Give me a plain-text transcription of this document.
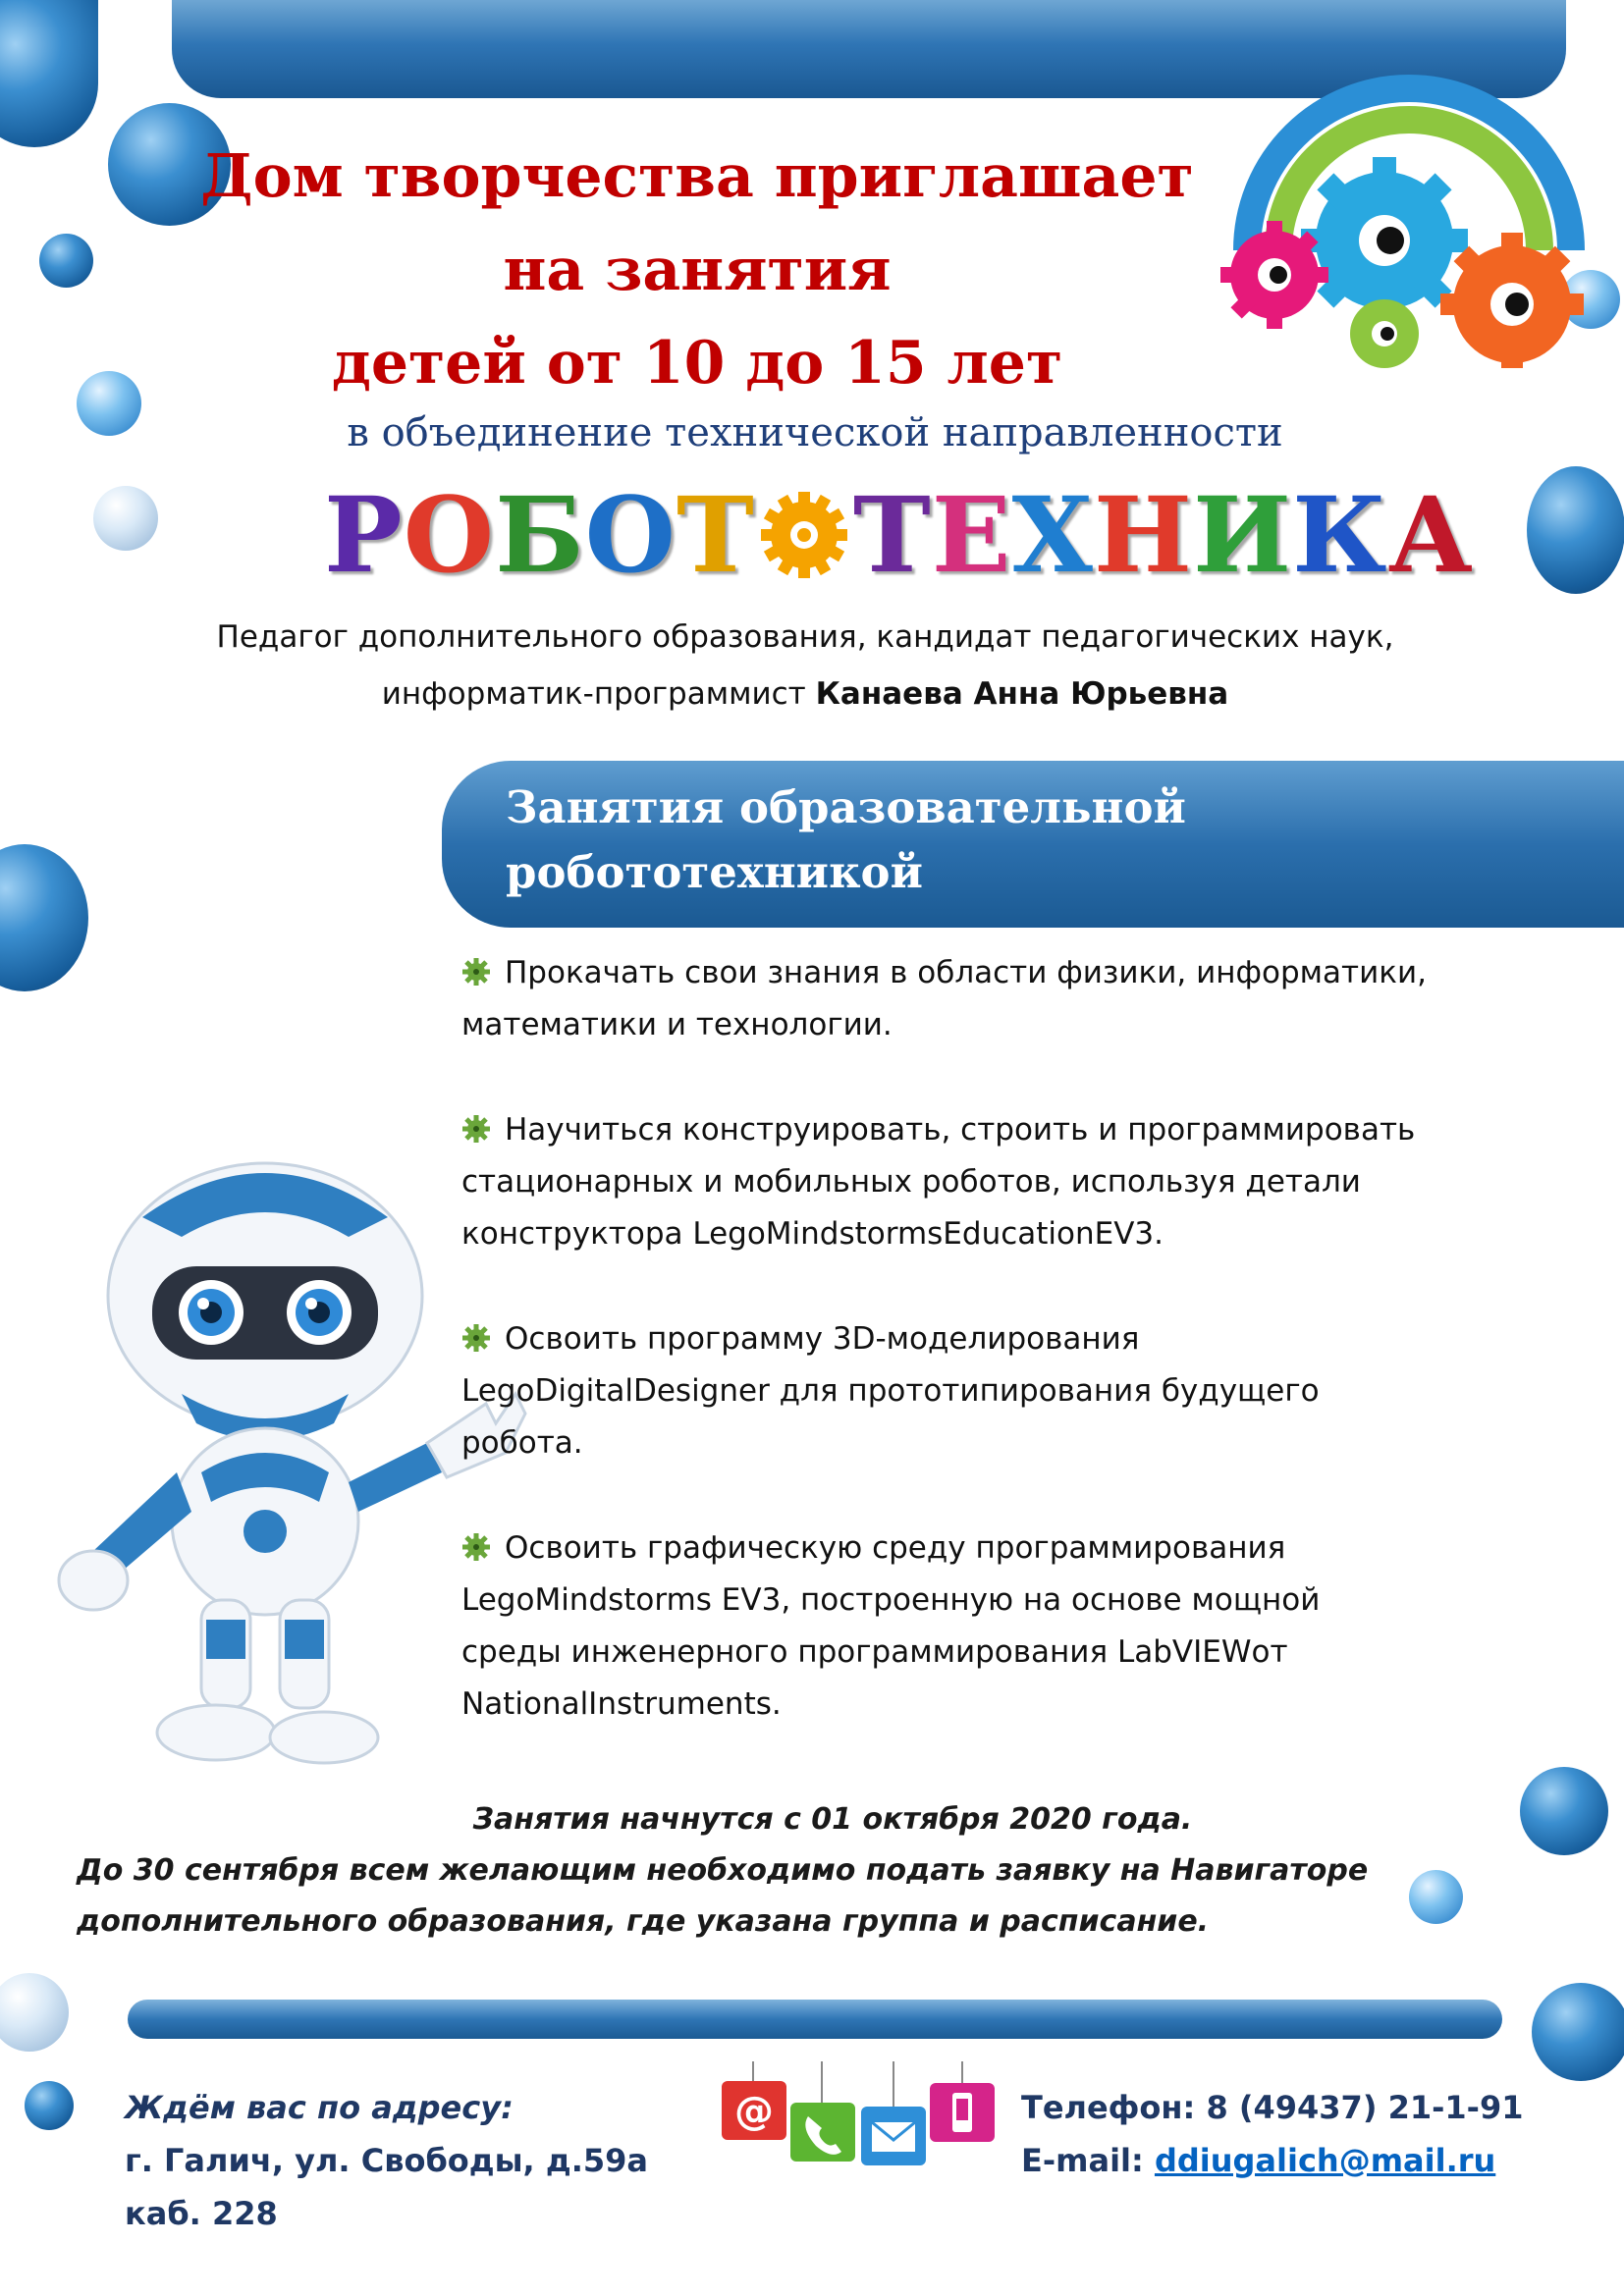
Дом творчества приглашает
на занятия
детей от 10 до 15 лет
в объединение технической направленности
Р О Б О Т Т Е Х Н И К А
Педагог дополнительного образования, кандидат педагогических наук,
информатик-программист Канаева Анна Юрьевна
Занятия образовательной робототехникой
позволят детям:
Прокачать свои знания в области физики, информатики,
математики и технологии.
Научиться конструировать, строить и программировать
стационарных и мобильных роботов, используя детали
конструктора LegoMindstormsEducationEV3.
Освоить программу 3D-моделирования
LegoDigitalDesigner для прототипирования будущего
робота.
Освоить графическую среду программирования
LegoMindstorms EV3, построенную на основе мощной
среды инженерного программирования LabVIEWот
NationalInstruments.
Занятия начнутся с 01 октября 2020 года.
До 30 сентября всем желающим необходимо подать заявку на Навигаторе
дополнительного образования, где указана группа и расписание.
Ждём вас по адресу:
г. Галич, ул. Свободы, д.59а
каб. 228
@	Телефон: 8 (49437) 21-1-91
E-mail: ddiugalich@mail.ru
